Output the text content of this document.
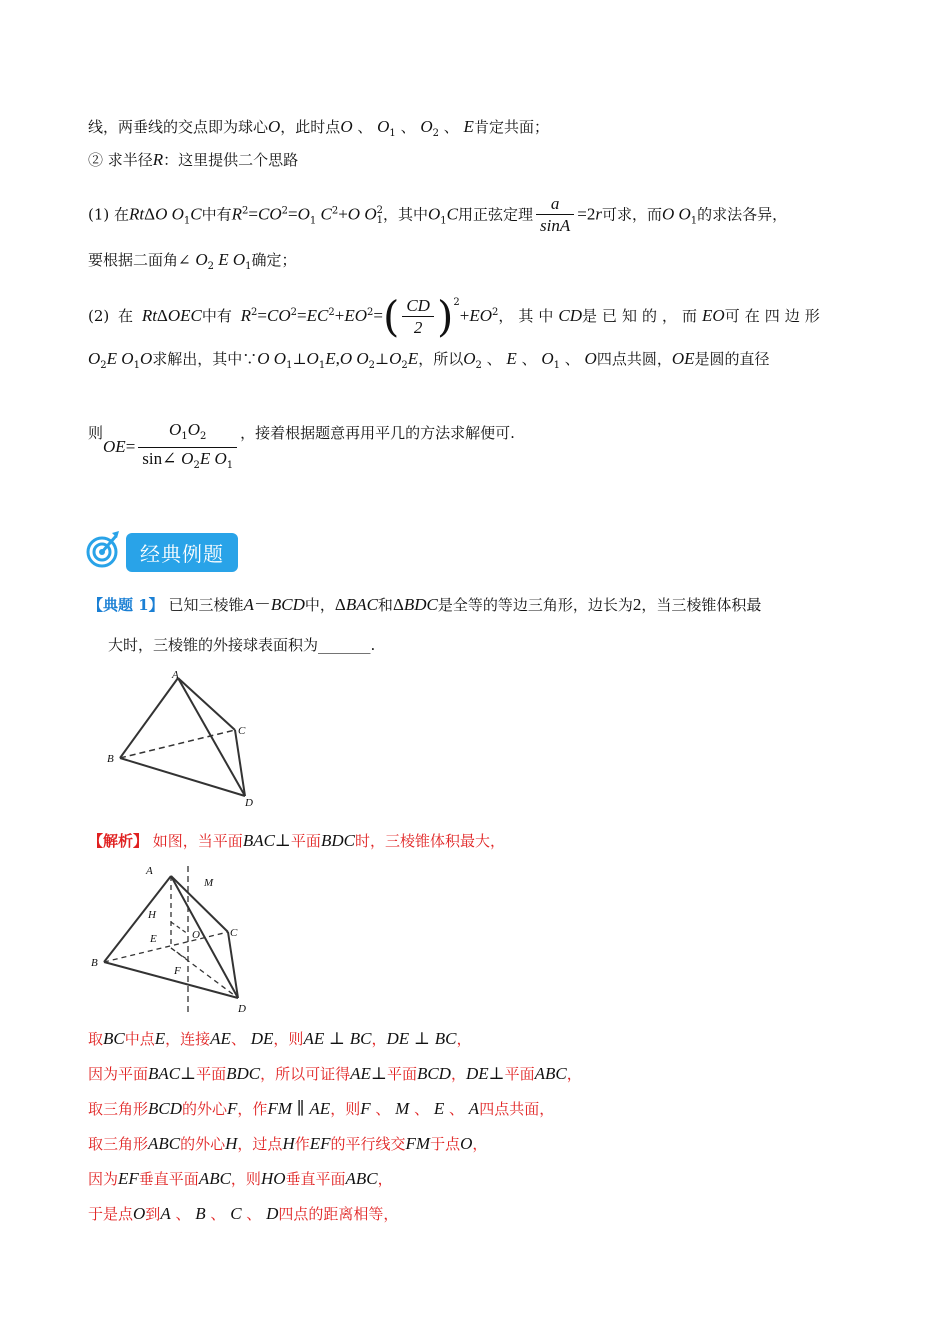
线，两垂线的交点即为球心O，此时点O 、 $O_1$ 、 $O_2$ 、 E肯定共面；
② 求半径R：这里提供二个思路
(1) 在RtΔO $O_1C$中有$R^2=CO^2=O_1$ $C^2+O$ O 2
1 ，其中$O_1C$用正弦定理 $\frac{a}{\sin A} =2r$可求，而O $O_1$的求法各异，
要根据二面角∠ $O_2$ E $O_1$确定；
(2) 在 RtΔOEC中有 $R^2=CO^2=EC^2+EO^2=( \frac{CD}{2} )^2+EO^2$，其中CD是已知的，而EO可在四边形
$O_2E$ $O_1O$求解出，其中∵O $O_1\perp O_1E,O$ $O_2\perp O_2E$，所以$O_2$ 、 E 、 $O_1$ 、 O四点共圆，OE是圆的直径
则$OE= \frac{O_1O_2}{\sin\angle O_2E O_1}$ ，接着根据题意再用平几的方法求解便可.
经典例题
【典题 1】 已知三棱锥A－BCD中，ΔBAC和ΔBDC是全等的等边三角形，边长为2，当三棱锥体积最
大时，三棱锥的外接球表面积为_______.
A
B
C
D
【解析】 如图，当平面BAC⊥平面BDC时，三棱锥体积最大，
A
M
H
E	O	C
B
F
D
取BC中点E，连接AE、 DE，则AE ⊥ BC，DE ⊥ BC，
因为平面BAC⊥平面BDC，所以可证得AE⊥平面BCD，DE⊥平面ABC，
取三角形BCD的外心F，作FM ∥ AE，则F 、 M 、 E 、 A四点共面，
取三角形ABC的外心H，过点H作EF的平行线交FM于点O，
因为EF垂直平面ABC，则HO垂直平面ABC，
于是点O到A 、 B 、 C 、 D四点的距离相等，
